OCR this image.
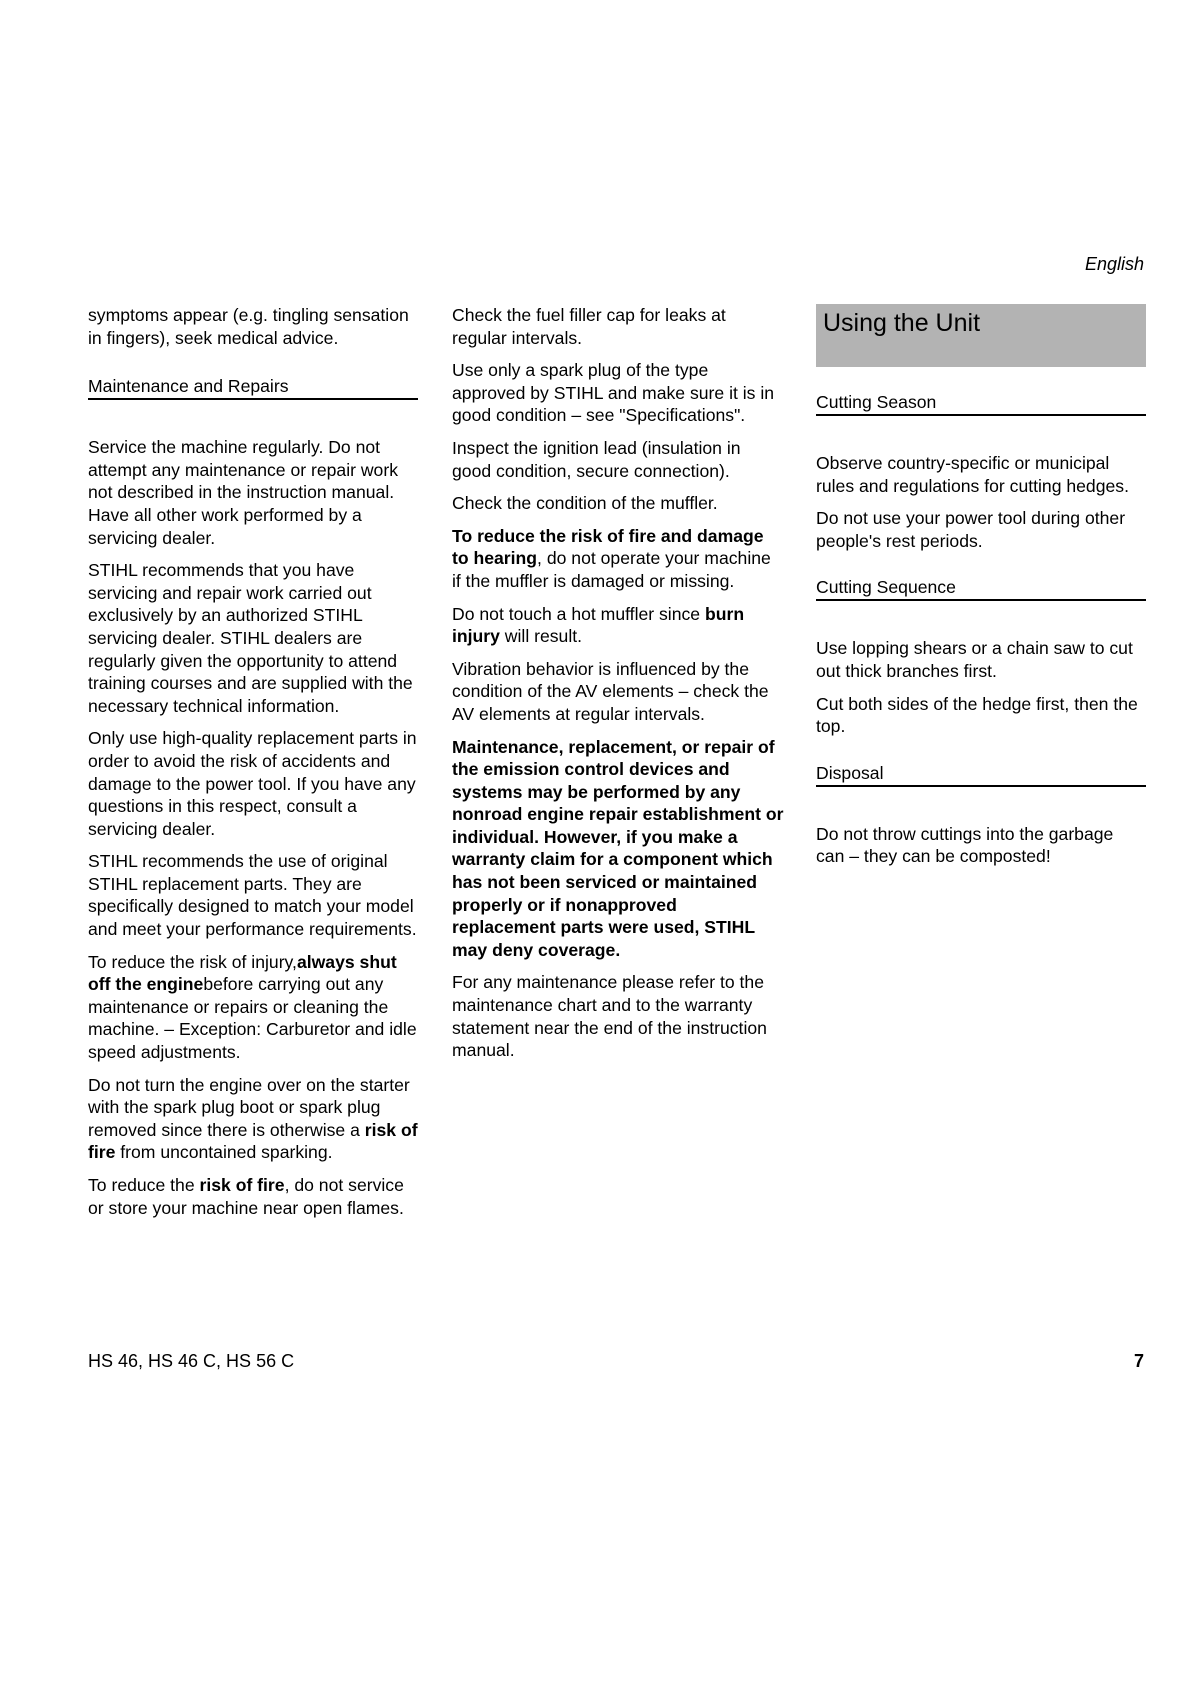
English

symptoms appear (e.g. tingling sensation in fingers), seek medical advice.

Maintenance and Repairs

Service the machine regularly. Do not attempt any maintenance or repair work not described in the instruction manual. Have all other work performed by a servicing dealer.

STIHL recommends that you have servicing and repair work carried out exclusively by an authorized STIHL servicing dealer. STIHL dealers are regularly given the opportunity to attend training courses and are supplied with the necessary technical information.

Only use high-quality replacement parts in order to avoid the risk of accidents and damage to the power tool. If you have any questions in this respect, consult a servicing dealer.

STIHL recommends the use of original STIHL replacement parts. They are specifically designed to match your model and meet your performance requirements.

To reduce the risk of injury,always shut off the enginebefore carrying out any maintenance or repairs or cleaning the machine. – Exception: Carburetor and idle speed adjustments.

Do not turn the engine over on the starter with the spark plug boot or spark plug removed since there is otherwise a risk of fire from uncontained sparking.

To reduce the risk of fire, do not service or store your machine near open flames.

Check the fuel filler cap for leaks at regular intervals.

Use only a spark plug of the type approved by STIHL and make sure it is in good condition – see "Specifications".

Inspect the ignition lead (insulation in good condition, secure connection).

Check the condition of the muffler.

To reduce the risk of fire and damage to hearing, do not operate your machine if the muffler is damaged or missing.

Do not touch a hot muffler since burn injury will result.

Vibration behavior is influenced by the condition of the AV elements – check the AV elements at regular intervals.

Maintenance, replacement, or repair of the emission control devices and systems may be performed by any nonroad engine repair establishment or individual. However, if you make a warranty claim for a component which has not been serviced or maintained properly or if nonapproved replacement parts were used, STIHL may deny coverage.

For any maintenance please refer to the maintenance chart and to the warranty statement near the end of the instruction manual.

Using the Unit
Cutting Season

Observe country-specific or municipal rules and regulations for cutting hedges.

Do not use your power tool during other people's rest periods.

Cutting Sequence

Use lopping shears or a chain saw to cut out thick branches first.

Cut both sides of the hedge first, then the top.

Disposal

Do not throw cuttings into the garbage can – they can be composted!

HS 46, HS 46 C, HS 56 C	7
